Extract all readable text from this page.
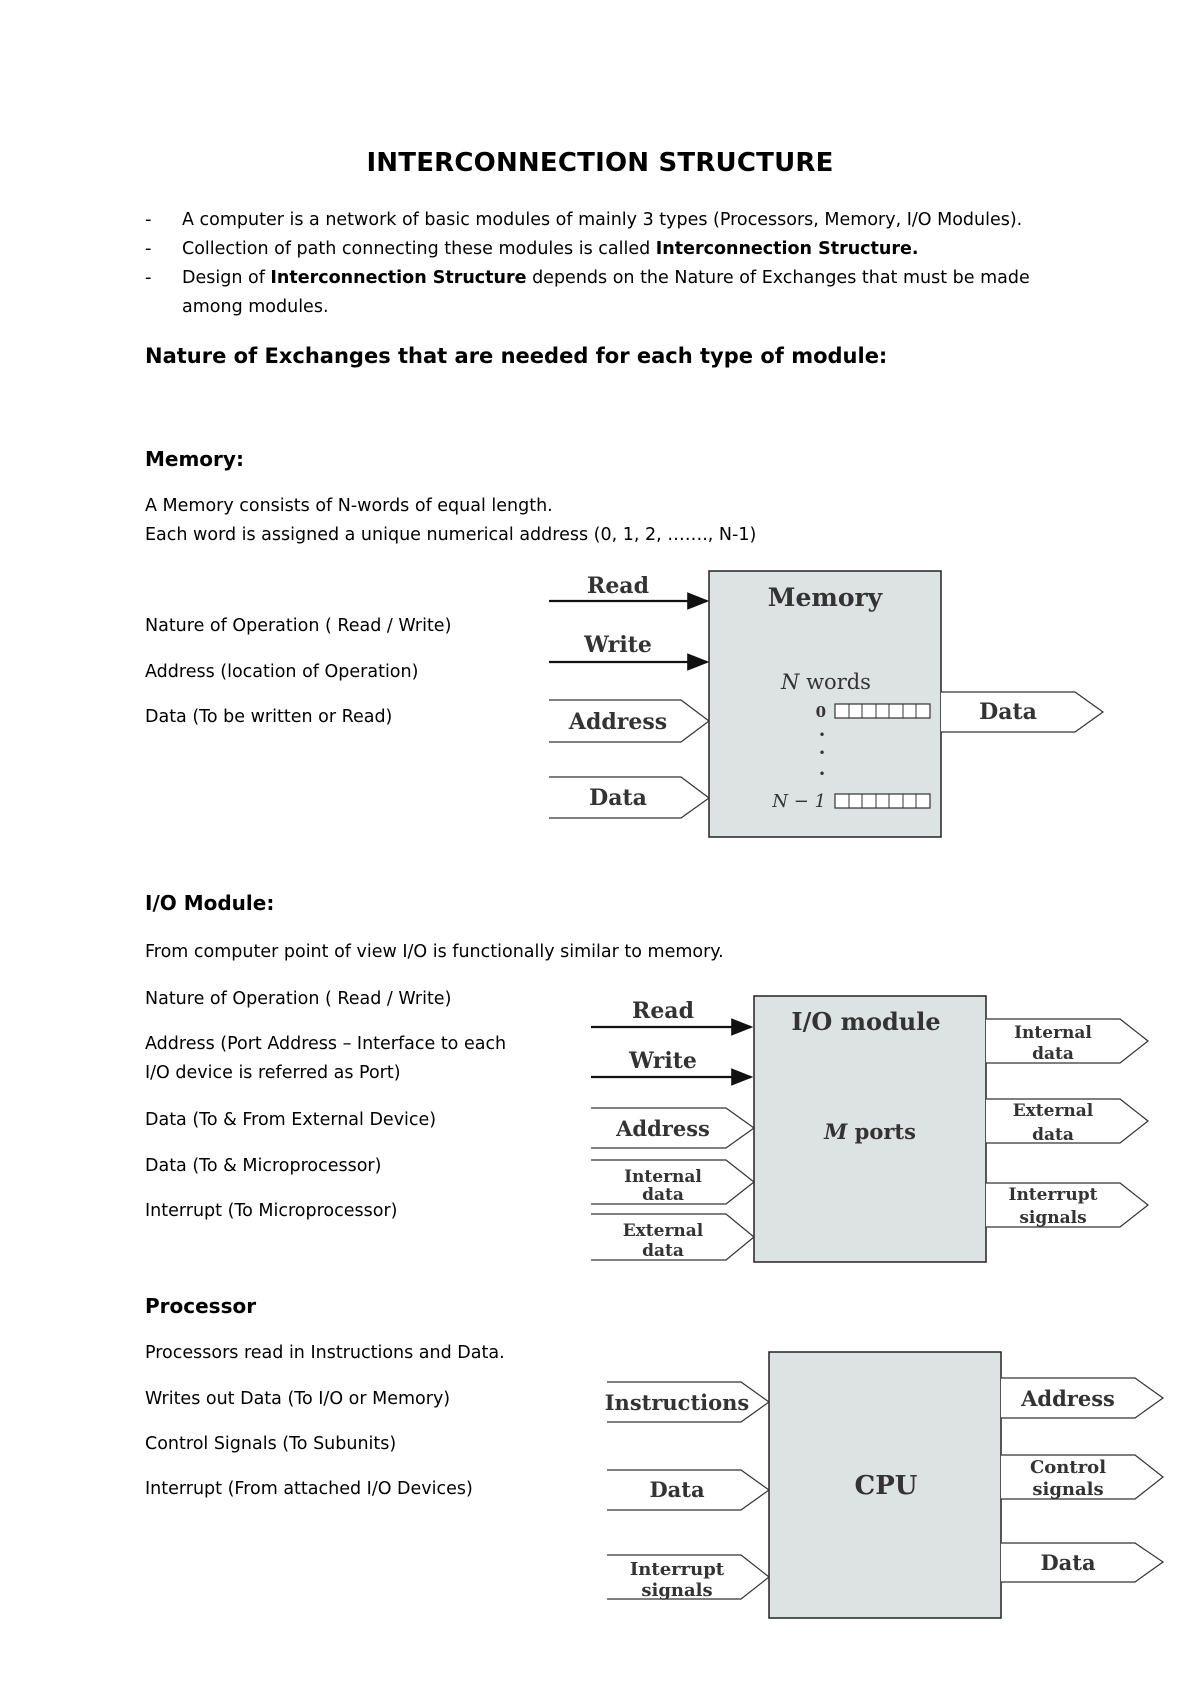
INTERCONNECTION STRUCTURE
- A computer is a network of basic modules of mainly 3 types (Processors, Memory, I/O Modules).
- Collection of path connecting these modules is called Interconnection Structure.
- Design of Interconnection Structure depends on the Nature of Exchanges that must be made among modules.
Nature of Exchanges that are needed for each type of module:
Memory:
A Memory consists of N-words of equal length.
Each word is assigned a unique numerical address (0, 1, 2, ……., N-1)
Nature of Operation ( Read / Write)
Address (location of Operation)
Data (To be written or Read)
Memory
N words
0
•
•
•
N − 1
Read
Write
Address
Data
Data
I/O module
M ports
Read
Write
Address
Internal
data
External
data
Internal
data
External
data
Interrupt
signals
CPU
Instructions
Data
Interrupt
signals
Address
Control
signals
Data
I/O Module:
From computer point of view I/O is functionally similar to memory.
Nature of Operation ( Read / Write)
Address (Port Address – Interface to each
I/O device is referred as Port)
Data (To & From External Device)
Data (To & Microprocessor)
Interrupt (To Microprocessor)
Processor
Processors read in Instructions and Data.
Writes out Data (To I/O or Memory)
Control Signals (To Subunits)
Interrupt (From attached I/O Devices)
